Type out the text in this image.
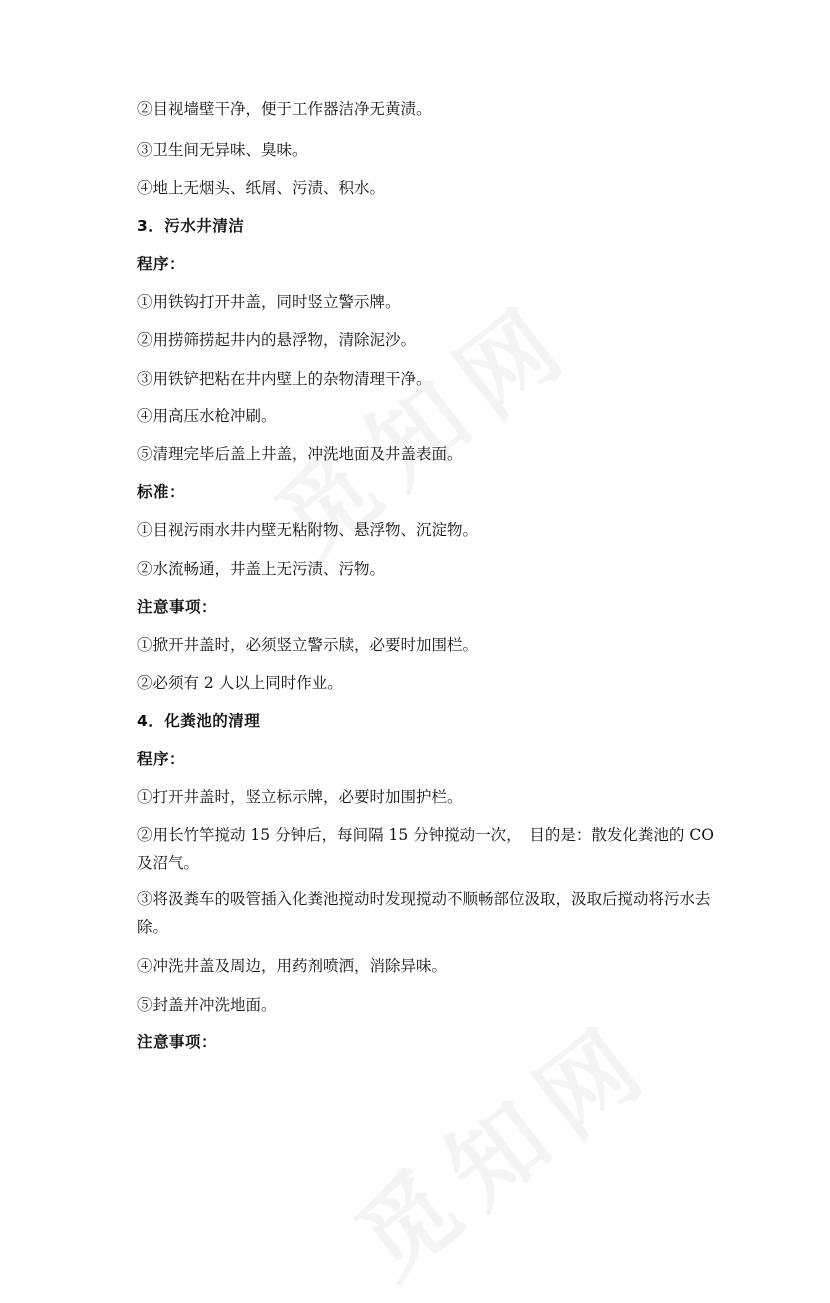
②目视墙壁干净，便于工作器洁净无黄渍。
③卫生间无异味、臭味。
④地上无烟头、纸屑、污渍、积水。
3．污水井清洁
程序：
①用铁钩打开井盖，同时竖立警示牌。
②用捞筛捞起井内的悬浮物，清除泥沙。
③用铁铲把粘在井内壁上的杂物清理干净。
④用高压水枪冲刷。
⑤清理完毕后盖上井盖，冲洗地面及井盖表面。
标准：
①目视污雨水井内壁无粘附物、悬浮物、沉淀物。
②水流畅通，井盖上无污渍、污物。
注意事项：
①掀开井盖时，必须竖立警示牍，必要时加围栏。
②必须有 2 人以上同时作业。
4．化粪池的清理
程序：
①打开井盖时，竖立标示牌，必要时加围护栏。
②用长竹竿搅动 15 分钟后，每间隔 15 分钟搅动一次，　目的是：散发化粪池的 CO 及沼气。
③将汲粪车的吸管插入化粪池搅动时发现搅动不顺畅部位汲取，汲取后搅动将污水去除。
④冲洗井盖及周边，用药剂喷洒，消除异味。
⑤封盖并冲洗地面。
注意事项：
